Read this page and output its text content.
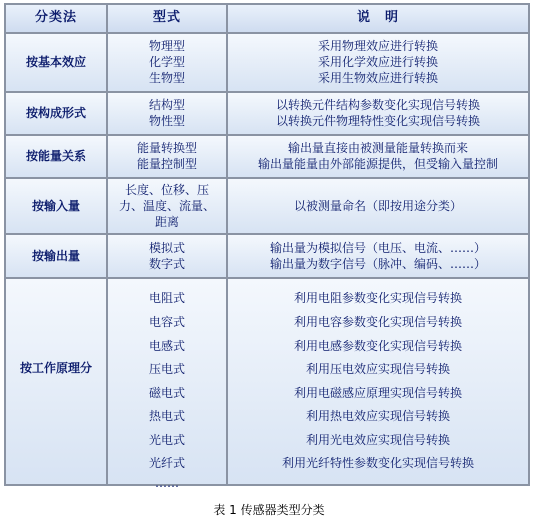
分类法	型式	说　明
按基本效应
物理型
化学型
生物型
采用物理效应进行转换
采用化学效应进行转换
采用生物效应进行转换
按构成形式
结构型
物性型
以转换元件结构参数变化实现信号转换
以转换元件物理特性变化实现信号转换
按能量关系
能量转换型
能量控制型
输出量直接由被测量能量转换而来
输出量能量由外部能源提供，但受输入量控制
按输入量
长度、位移、压
力、温度、流量、
距离
以被测量命名（即按用途分类）
按输出量
模拟式
数字式
输出量为模拟信号（电压、电流、……）
输出量为数字信号（脉冲、编码、……）
按工作原理分
电阻式
电容式
电感式
压电式
磁电式
热电式
光电式
光纤式
……
利用电阻参数变化实现信号转换
利用电容参数变化实现信号转换
利用电感参数变化实现信号转换
利用压电效应实现信号转换
利用电磁感应原理实现信号转换
利用热电效应实现信号转换
利用光电效应实现信号转换
利用光纤特性参数变化实现信号转换
表 1 传感器类型分类
